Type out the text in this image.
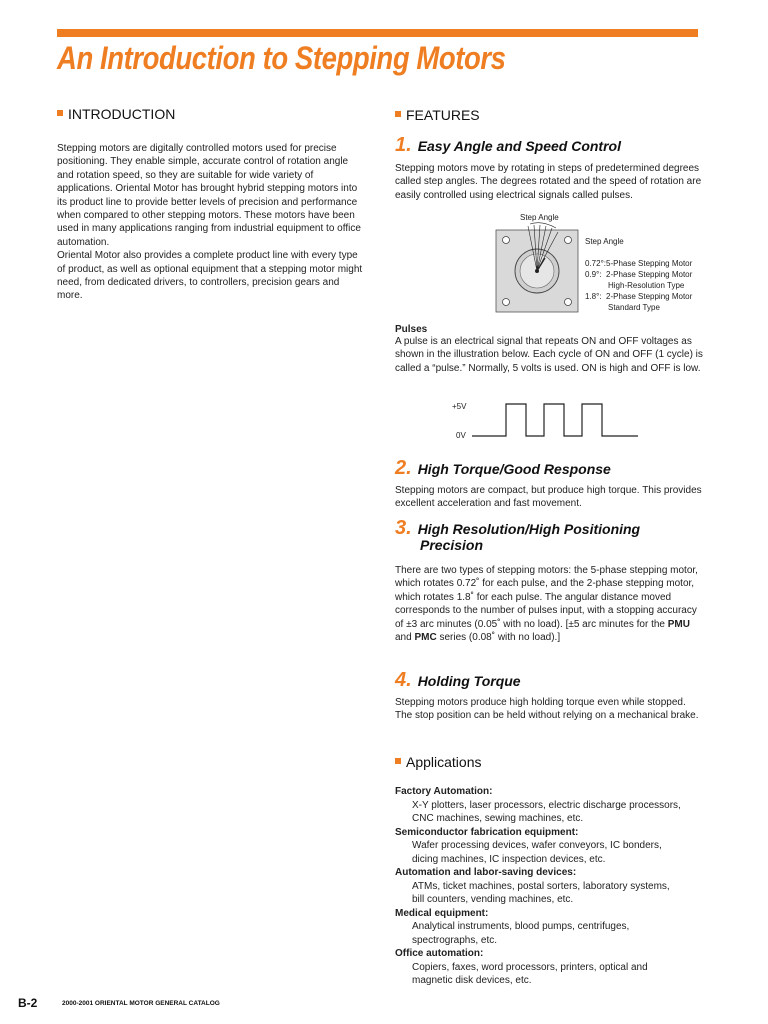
An Introduction to Stepping Motors
INTRODUCTION

Stepping motors are digitally controlled motors used for precise positioning. They enable simple, accurate control of rotation angle and rotation speed, so they are suitable for wide variety of applications. Oriental Motor has brought hybrid stepping motors into its product line to provide better levels of precision and performance when compared to other stepping motors. These motors have been used in many applications ranging from industrial equipment to office automation.

Oriental Motor also provides a complete product line with every type of product, as well as optional equipment that a stepping motor might need, from dedicated drivers, to controllers, precision gears and more.

FEATURES
1. Easy Angle and Speed Control

Stepping motors move by rotating in steps of predetermined degrees called step angles. The degrees rotated and the speed of rotation are easily controlled using electrical signals called pulses.

Step Angle
Step Angle
0.72°: 5-Phase Stepping Motor
0.9°: 2-Phase Stepping Motor
High-Resolution Type
1.8°: 2-Phase Stepping Motor
Standard Type
Pulses

A pulse is an electrical signal that repeats ON and OFF voltages as shown in the illustration below. Each cycle of ON and OFF (1 cycle) is called a “pulse.” Normally, 5 volts is used. ON is high and OFF is low.

+5V
0V
2. High Torque/Good Response

Stepping motors are compact, but produce high torque. This provides excellent acceleration and fast movement.

3. High Resolution/High Positioning
Precision

There are two types of stepping motors: the 5-phase stepping motor, which rotates 0.72˚ for each pulse, and the 2-phase stepping motor, which rotates 1.8˚ for each pulse. The angular distance moved corresponds to the number of pulses input, with a stopping accuracy of ±3 arc minutes (0.05˚ with no load). [±5 arc minutes for the PMU and PMC series (0.08˚ with no load).]

4. Holding Torque

Stepping motors produce high holding torque even while stopped. The stop position can be held without relying on a mechanical brake.

Applications
Factory Automation:
X-Y plotters, laser processors, electric discharge processors,
CNC machines, sewing machines, etc.
Semiconductor fabrication equipment:
Wafer processing devices, wafer conveyors, IC bonders,
dicing machines, IC inspection devices, etc.
Automation and labor-saving devices:
ATMs, ticket machines, postal sorters, laboratory systems,
bill counters, vending machines, etc.
Medical equipment:
Analytical instruments, blood pumps, centrifuges,
spectrographs, etc.
Office automation:
Copiers, faxes, word processors, printers, optical and
magnetic disk devices, etc.
B-2	2000-2001 ORIENTAL MOTOR GENERAL CATALOG
